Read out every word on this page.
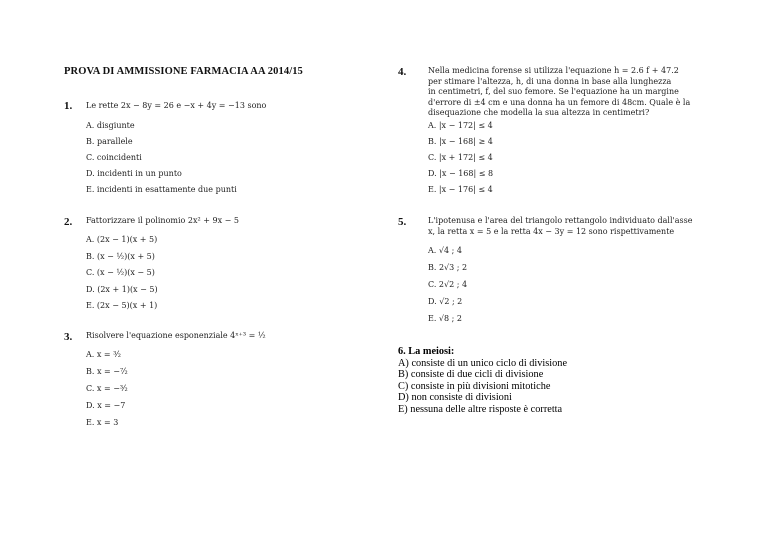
PROVA DI AMMISSIONE FARMACIA AA 2014/15
1. Le rette 2x − 8y = 26 e −x + 4y = −13 sono
A. disgiunte
B. parallele
C. coincidenti
D. incidenti in un punto
E. incidenti in esattamente due punti
2. Fattorizzare il polinomio 2x² + 9x − 5
A. (2x − 1)(x + 5)
B. (x − ½)(x + 5)
C. (x − ½)(x − 5)
D. (2x + 1)(x − 5)
E. (2x − 5)(x + 1)
3. Risolvere l'equazione esponenziale 4ˣ⁺³ = ½
A. x = ³⁄₂
B. x = −⁷⁄₂
C. x = −³⁄₂
D. x = −7
E. x = 3
4.	Nella medicina forense si utilizza l'equazione h = 2.6 f + 47.2
per stimare l'altezza, h, di una donna in base alla lunghezza
in centimetri, f, del suo femore. Se l'equazione ha un margine
d'errore di ±4 cm e una donna ha un femore di 48cm. Quale è la
disequazione che modella la sua altezza in centimetri?
A. |x − 172| ≤ 4
B. |x − 168| ≥ 4
C. |x + 172| ≤ 4
D. |x − 168| ≤ 8
E. |x − 176| ≤ 4
5.	L'ipotenusa e l'area del triangolo rettangolo individuato dall'asse
x, la retta x = 5 e la retta 4x − 3y = 12 sono rispettivamente
A. √4 ; 4
B. 2√3 ; 2
C. 2√2 ; 4
D. √2 ; 2
E. √8 ; 2
6. La meiosi:
A) consiste di un unico ciclo di divisione
B) consiste di due cicli di divisione
C) consiste in più divisioni mitotiche
D) non consiste di divisioni
E) nessuna delle altre risposte è corretta
